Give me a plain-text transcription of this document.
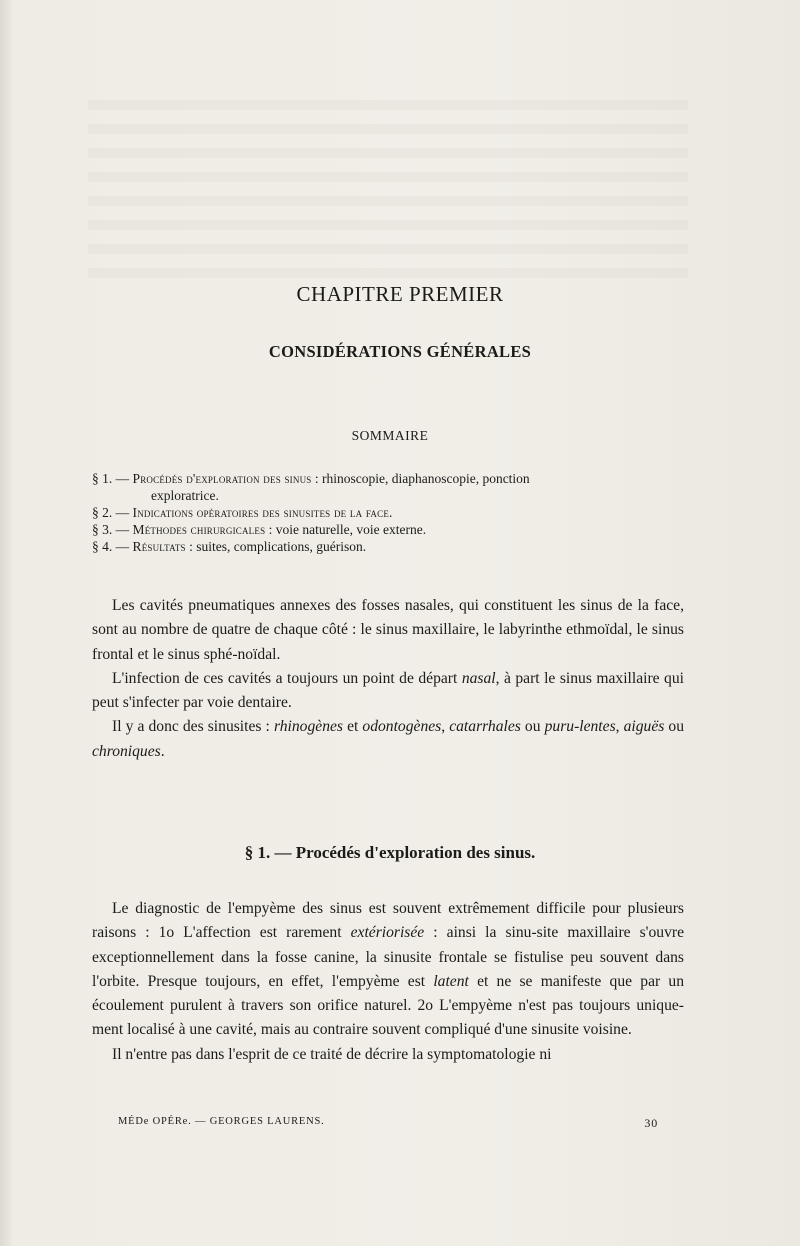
CHAPITRE PREMIER
CONSIDÉRATIONS GÉNÉRALES
SOMMAIRE
§ 1. — Procédés d'exploration des sinus : rhinoscopie, diaphanoscopie, ponction
exploratrice.
§ 2. — Indications opératoires des sinusites de la face.
§ 3. — Méthodes chirurgicales : voie naturelle, voie externe.
§ 4. — Résultats : suites, complications, guérison.

Les cavités pneumatiques annexes des fosses nasales, qui constituent les sinus de la face, sont au nombre de quatre de chaque côté : le sinus maxillaire, le labyrinthe ethmoïdal, le sinus frontal et le sinus sphé-noïdal.

L'infection de ces cavités a toujours un point de départ nasal, à part le sinus maxillaire qui peut s'infecter par voie dentaire.

Il y a donc des sinusites : rhinogènes et odontogènes, catarrhales ou puru-lentes, aiguës ou chroniques.

§ 1. — Procédés d'exploration des sinus.

Le diagnostic de l'empyème des sinus est souvent extrêmement difficile pour plusieurs raisons : 1o L'affection est rarement extériorisée : ainsi la sinu-site maxillaire s'ouvre exceptionnellement dans la fosse canine, la sinusite frontale se fistulise peu souvent dans l'orbite. Presque toujours, en effet, l'empyème est latent et ne se manifeste que par un écoulement purulent à travers son orifice naturel. 2o L'empyème n'est pas toujours unique-ment localisé à une cavité, mais au contraire souvent compliqué d'une sinusite voisine.

Il n'entre pas dans l'esprit de ce traité de décrire la symptomatologie ni

MÉDe OPÉRe. — GEORGES LAURENS.	30
